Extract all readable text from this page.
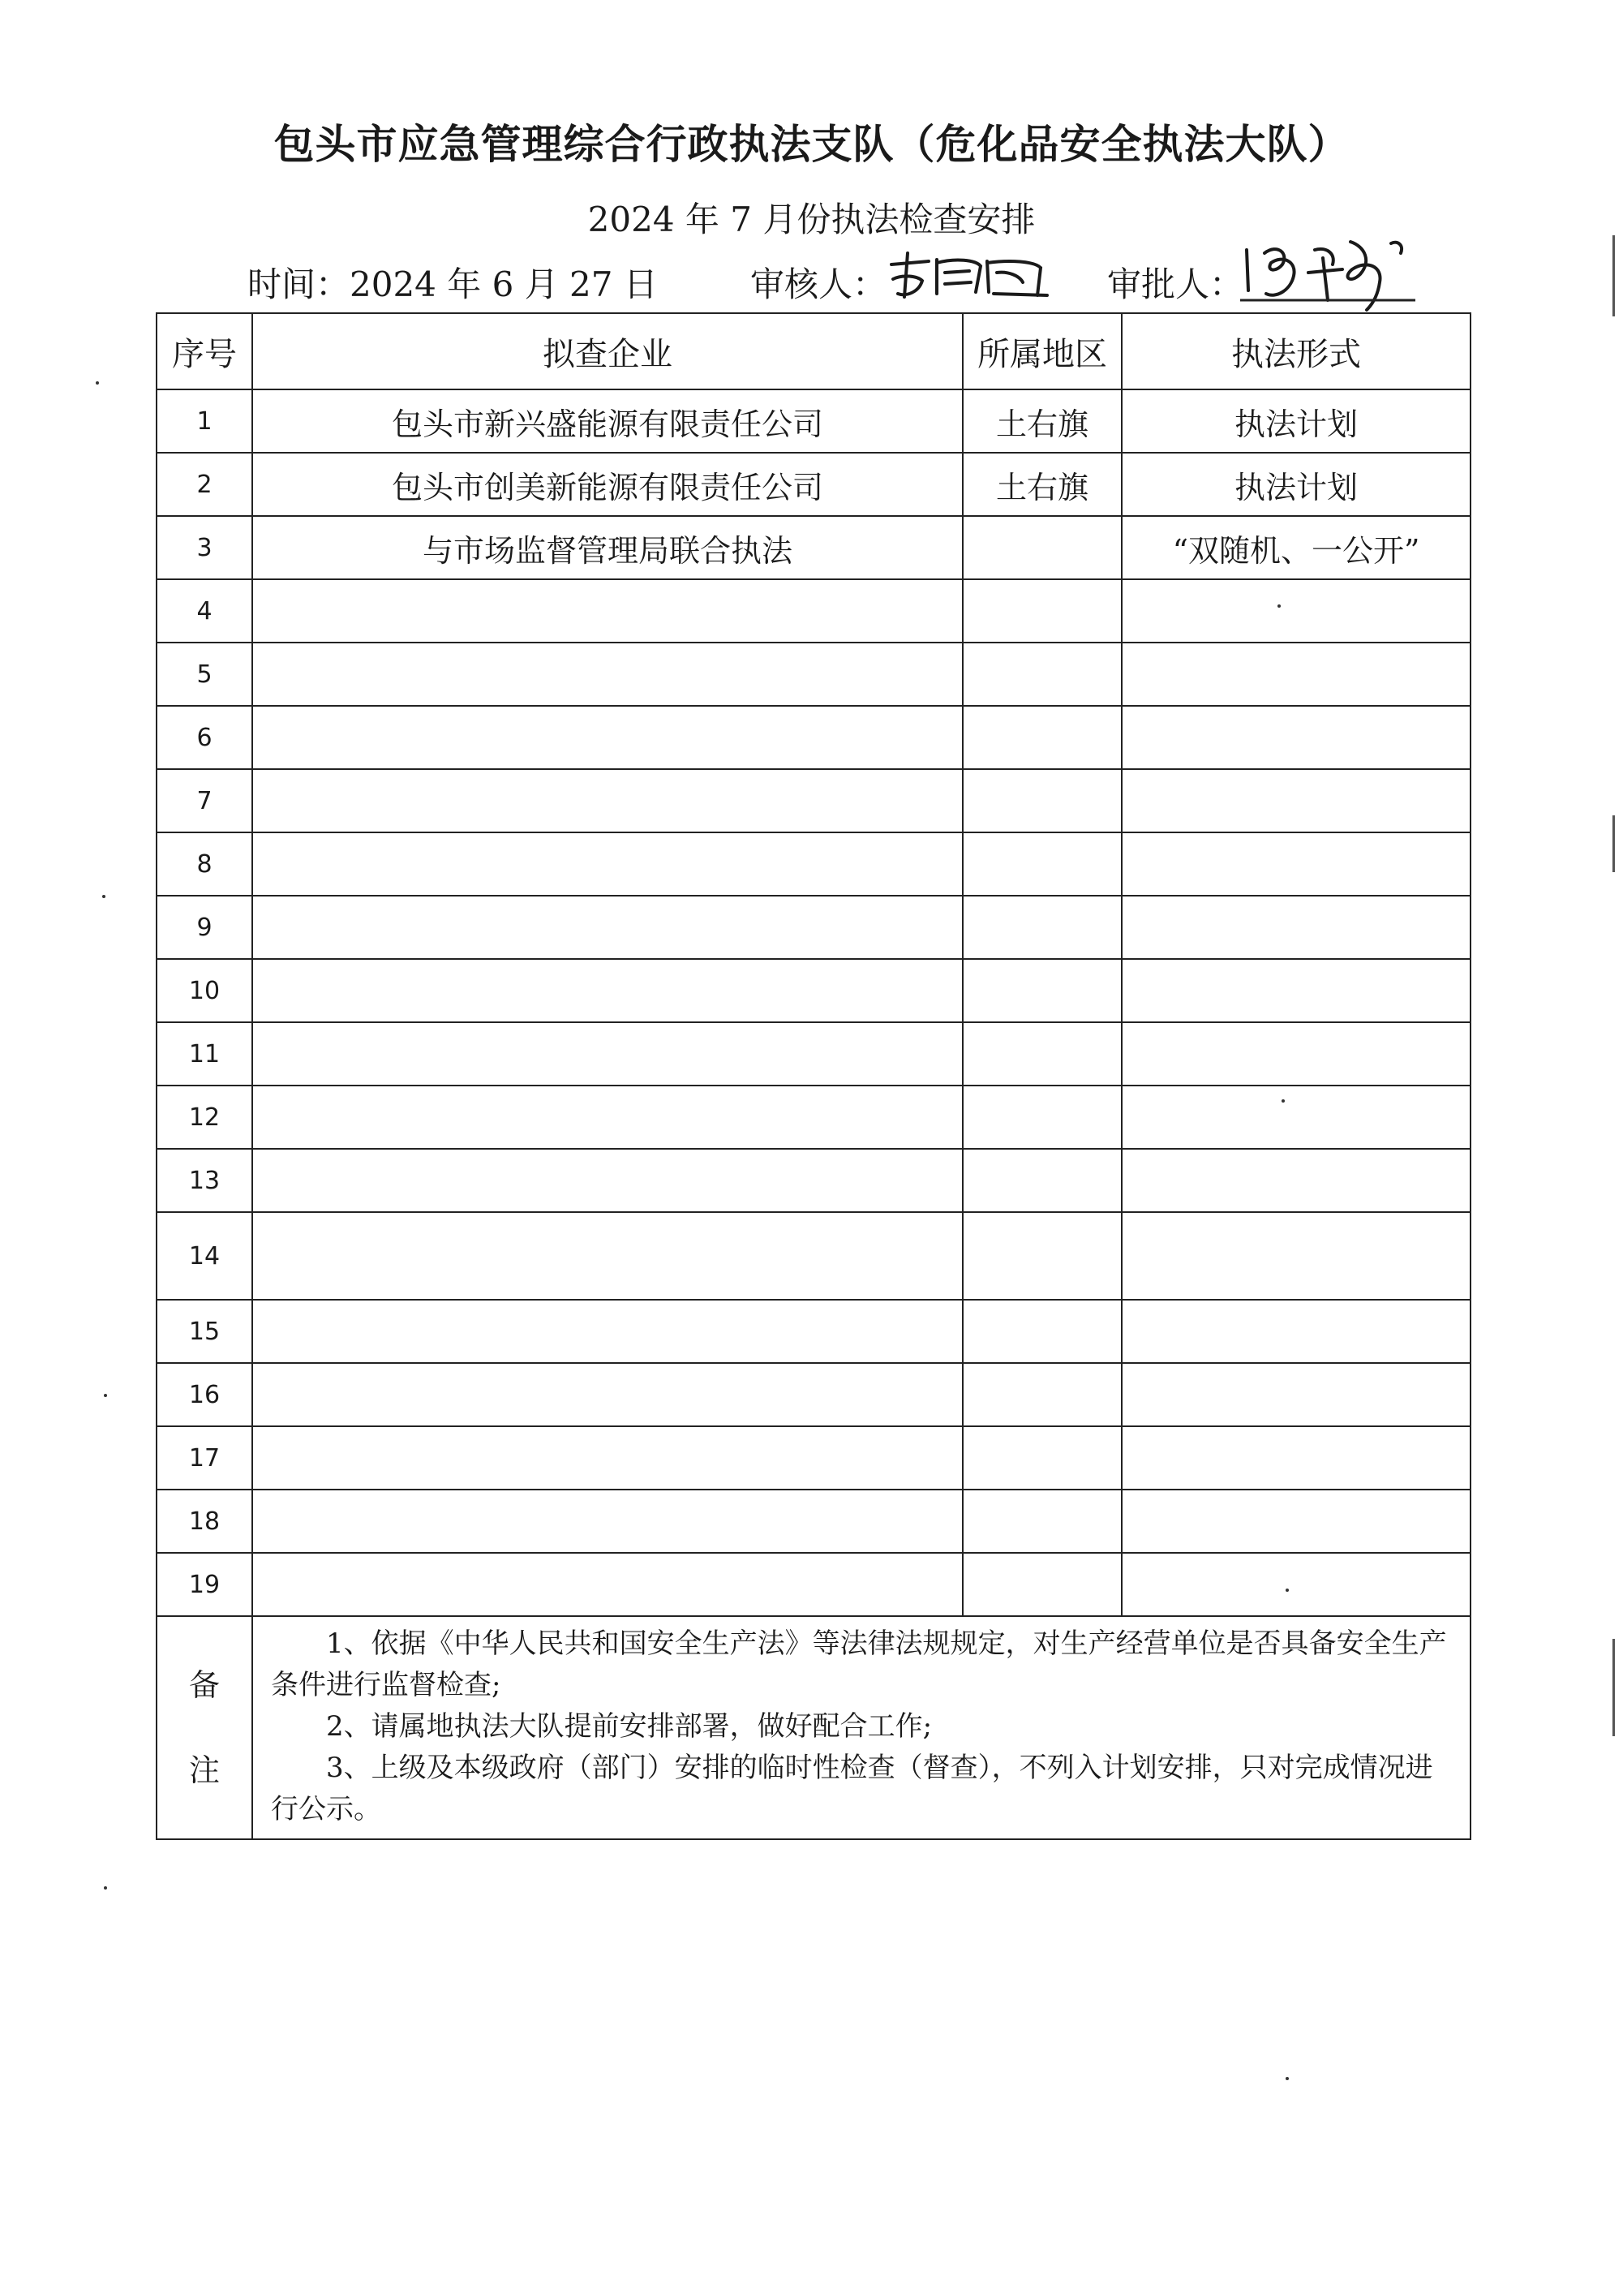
包头市应急管理综合行政执法支队（危化品安全执法大队）
2024 年 7 月份执法检查安排
时间：2024 年 6 月 27 日	审核人：	审批人：
序号	拟查企业	所属地区	执法形式
1	包头市新兴盛能源有限责任公司	土右旗	执法计划
2	包头市创美新能源有限责任公司	土右旗	执法计划
3	与市场监督管理局联合执法		“双随机、一公开”
4			
5			
6			
7			
8			
9			
10			
11			
12			
13			
14			
15			
16			
17			
18			
19			

备注	1、依据《中华人民共和国安全生产法》等法律法规规定，对生产经营单位是否具备安全生产条件进行监督检查;

2、请属地执法大队提前安排部署，做好配合工作;

3、上级及本级政府（部门）安排的临时性检查（督查），不列入计划安排，只对完成情况进行公示。		
